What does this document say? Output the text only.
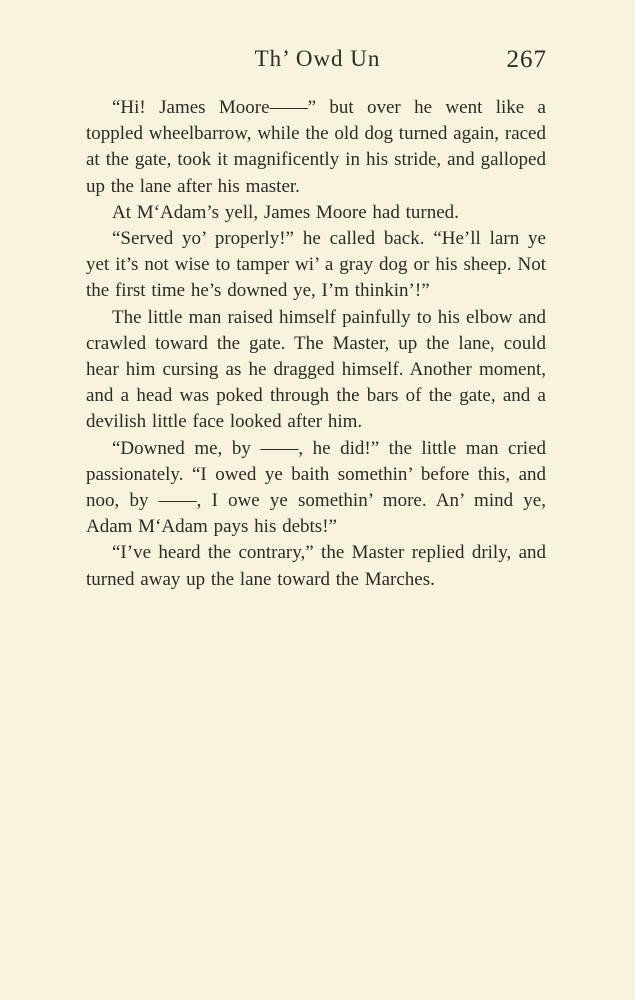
Th’ Owd Un	267

“Hi! James Moore——” but over he went like a toppled wheelbarrow, while the old dog turned again, raced at the gate, took it magnificently in his stride, and galloped up the lane after his master.

At M‘Adam’s yell, James Moore had turned.

“Served yo’ properly!” he called back. “He’ll larn ye yet it’s not wise to tamper wi’ a gray dog or his sheep. Not the first time he’s downed ye, I’m thinkin’!”

The little man raised himself painfully to his elbow and crawled toward the gate. The Master, up the lane, could hear him cursing as he dragged himself. Another moment, and a head was poked through the bars of the gate, and a devilish little face looked after him.

“Downed me, by ——, he did!” the little man cried passionately. “I owed ye baith somethin’ before this, and noo, by ——, I owe ye somethin’ more. An’ mind ye, Adam M‘Adam pays his debts!”

“I’ve heard the contrary,” the Master replied drily, and turned away up the lane toward the Marches.
